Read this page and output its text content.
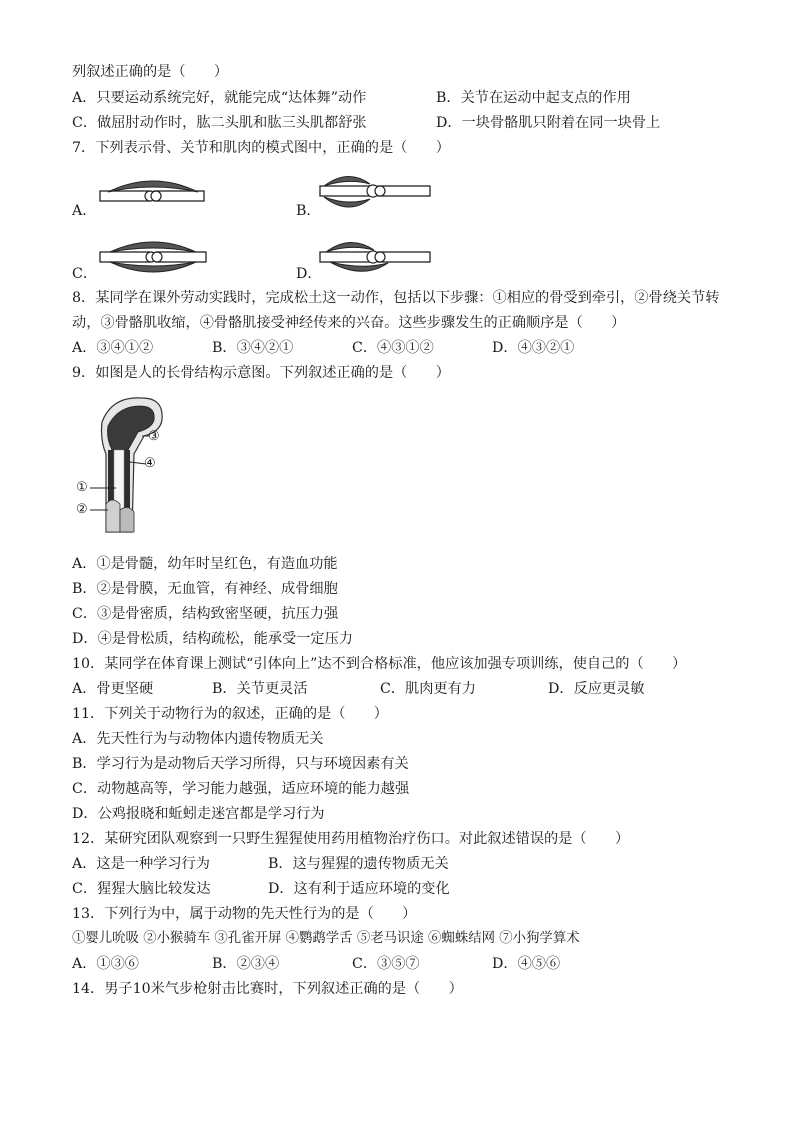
列叙述正确的是（　　）
A．只要运动系统完好，就能完成“达体舞”动作	B．关节在运动中起支点的作用
C．做屈肘动作时，肱二头肌和肱三头肌都舒张	D．一块骨骼肌只附着在同一块骨上
7．下列表示骨、关节和肌肉的模式图中，正确的是（　　）
A．	B．
C．	D．
8．某同学在课外劳动实践时，完成松土这一动作，包括以下步骤：①相应的骨受到牵引，②骨绕关节转
动，③骨骼肌收缩，④骨骼肌接受神经传来的兴奋。这些步骤发生的正确顺序是（　　）
A．③④①②	B．③④②①	C．④③①②	D．④③②①
9．如图是人的长骨结构示意图。下列叙述正确的是（　　）
③
④
①
②
A．①是骨髓，幼年时呈红色，有造血功能
B．②是骨膜，无血管，有神经、成骨细胞
C．③是骨密质，结构致密坚硬，抗压力强
D．④是骨松质，结构疏松，能承受一定压力
10．某同学在体育课上测试“引体向上”达不到合格标准，他应该加强专项训练，使自己的（　　）
A．骨更坚硬	B．关节更灵活	C．肌肉更有力	D．反应更灵敏
11．下列关于动物行为的叙述，正确的是（　　）
A．先天性行为与动物体内遗传物质无关
B．学习行为是动物后天学习所得，只与环境因素有关
C．动物越高等，学习能力越强，适应环境的能力越强
D．公鸡报晓和蚯蚓走迷宫都是学习行为
12．某研究团队观察到一只野生猩猩使用药用植物治疗伤口。对此叙述错误的是（　　）
A．这是一种学习行为	B．这与猩猩的遗传物质无关
C．猩猩大脑比较发达	D．这有利于适应环境的变化
13．下列行为中，属于动物的先天性行为的是（　　）
①婴儿吮吸 ②小猴骑车 ③孔雀开屏 ④鹦鹉学舌 ⑤老马识途 ⑥蜘蛛结网 ⑦小狗学算术
A．①③⑥	B．②③④	C．③⑤⑦	D．④⑤⑥
14．男子10米气步枪射击比赛时，下列叙述正确的是（　　）
